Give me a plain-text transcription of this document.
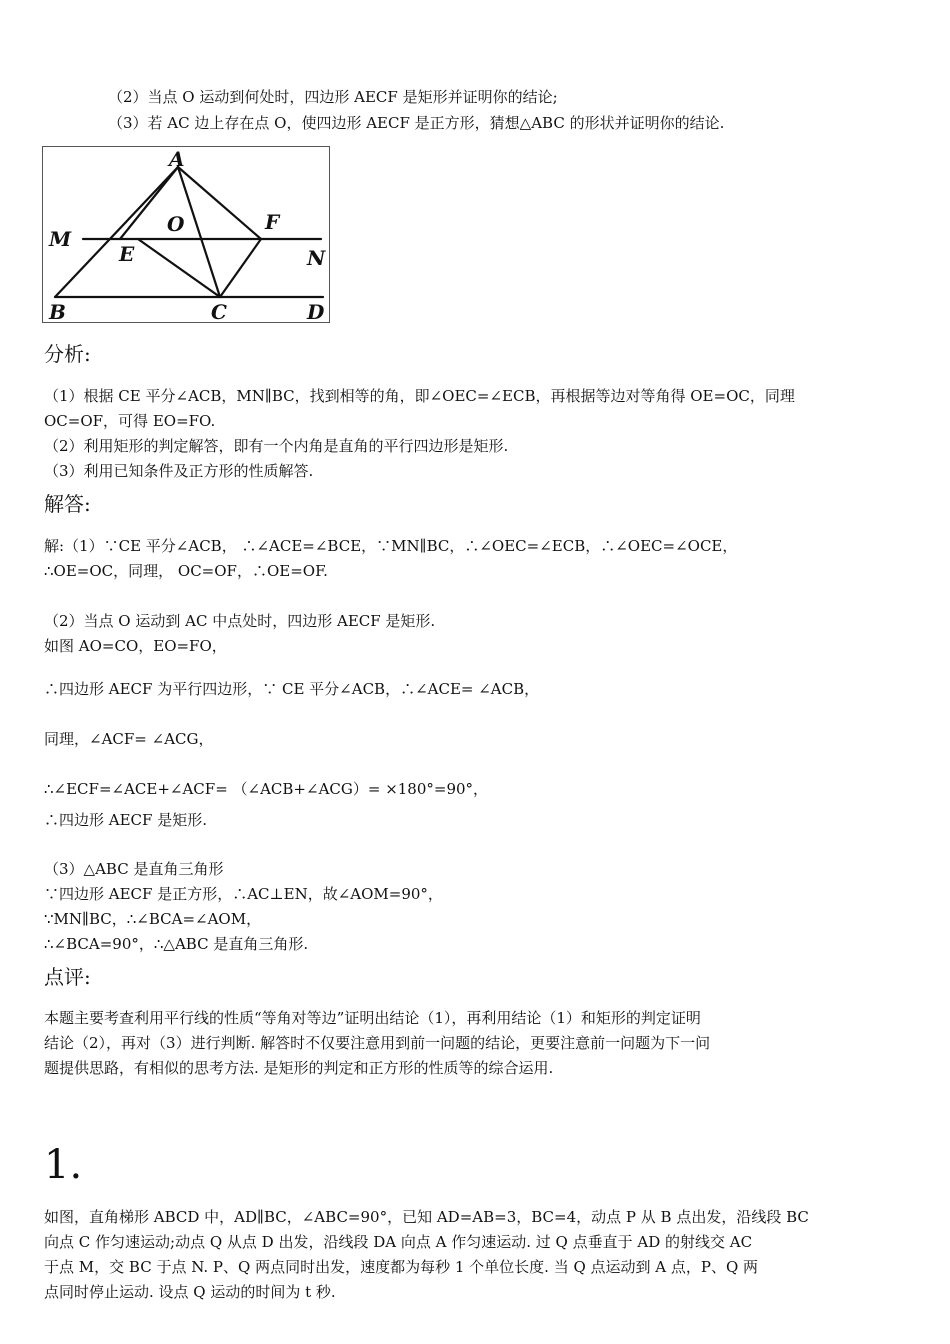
（2）当点 O 运动到何处时，四边形 AECF 是矩形并证明你的结论;
（3）若 AC 边上存在点 O，使四边形 AECF 是正方形，猜想△ABC 的形状并证明你的结论.
A
O	F
M
E	N
B	C	D
分析:
（1）根据 CE 平分∠ACB，MN∥BC，找到相等的角，即∠OEC=∠ECB，再根据等边对等角得 OE=OC，同理
OC=OF，可得 EO=FO.
（2）利用矩形的判定解答，即有一个内角是直角的平行四边形是矩形.
（3）利用已知条件及正方形的性质解答.
解答:
解:（1）∵CE 平分∠ACB， ∴∠ACE=∠BCE，∵MN∥BC，∴∠OEC=∠ECB，∴∠OEC=∠OCE，
∴OE=OC，同理， OC=OF，∴OE=OF.
（2）当点 O 运动到 AC 中点处时，四边形 AECF 是矩形.
如图 AO=CO，EO=FO，
∴四边形 AECF 为平行四边形，∵ CE 平分∠ACB，∴∠ACE= ∠ACB，
同理，∠ACF= ∠ACG，
∴∠ECF=∠ACE+∠ACF= （∠ACB+∠ACG）= ×180°=90°，
∴四边形 AECF 是矩形.
（3）△ABC 是直角三角形
∵四边形 AECF 是正方形，∴AC⊥EN，故∠AOM=90°，
∵MN∥BC，∴∠BCA=∠AOM，
∴∠BCA=90°，∴△ABC 是直角三角形.
点评:
本题主要考查利用平行线的性质“等角对等边”证明出结论（1），再利用结论（1）和矩形的判定证明
结论（2），再对（3）进行判断. 解答时不仅要注意用到前一问题的结论，更要注意前一问题为下一问
题提供思路，有相似的思考方法. 是矩形的判定和正方形的性质等的综合运用.
1.
如图，直角梯形 ABCD 中，AD∥BC，∠ABC=90°，已知 AD=AB=3，BC=4，动点 P 从 B 点出发，沿线段 BC
向点 C 作匀速运动;动点 Q 从点 D 出发，沿线段 DA 向点 A 作匀速运动. 过 Q 点垂直于 AD 的射线交 AC
于点 M，交 BC 于点 N. P、Q 两点同时出发，速度都为每秒 1 个单位长度. 当 Q 点运动到 A 点，P、Q 两
点同时停止运动. 设点 Q 运动的时间为 t 秒.
